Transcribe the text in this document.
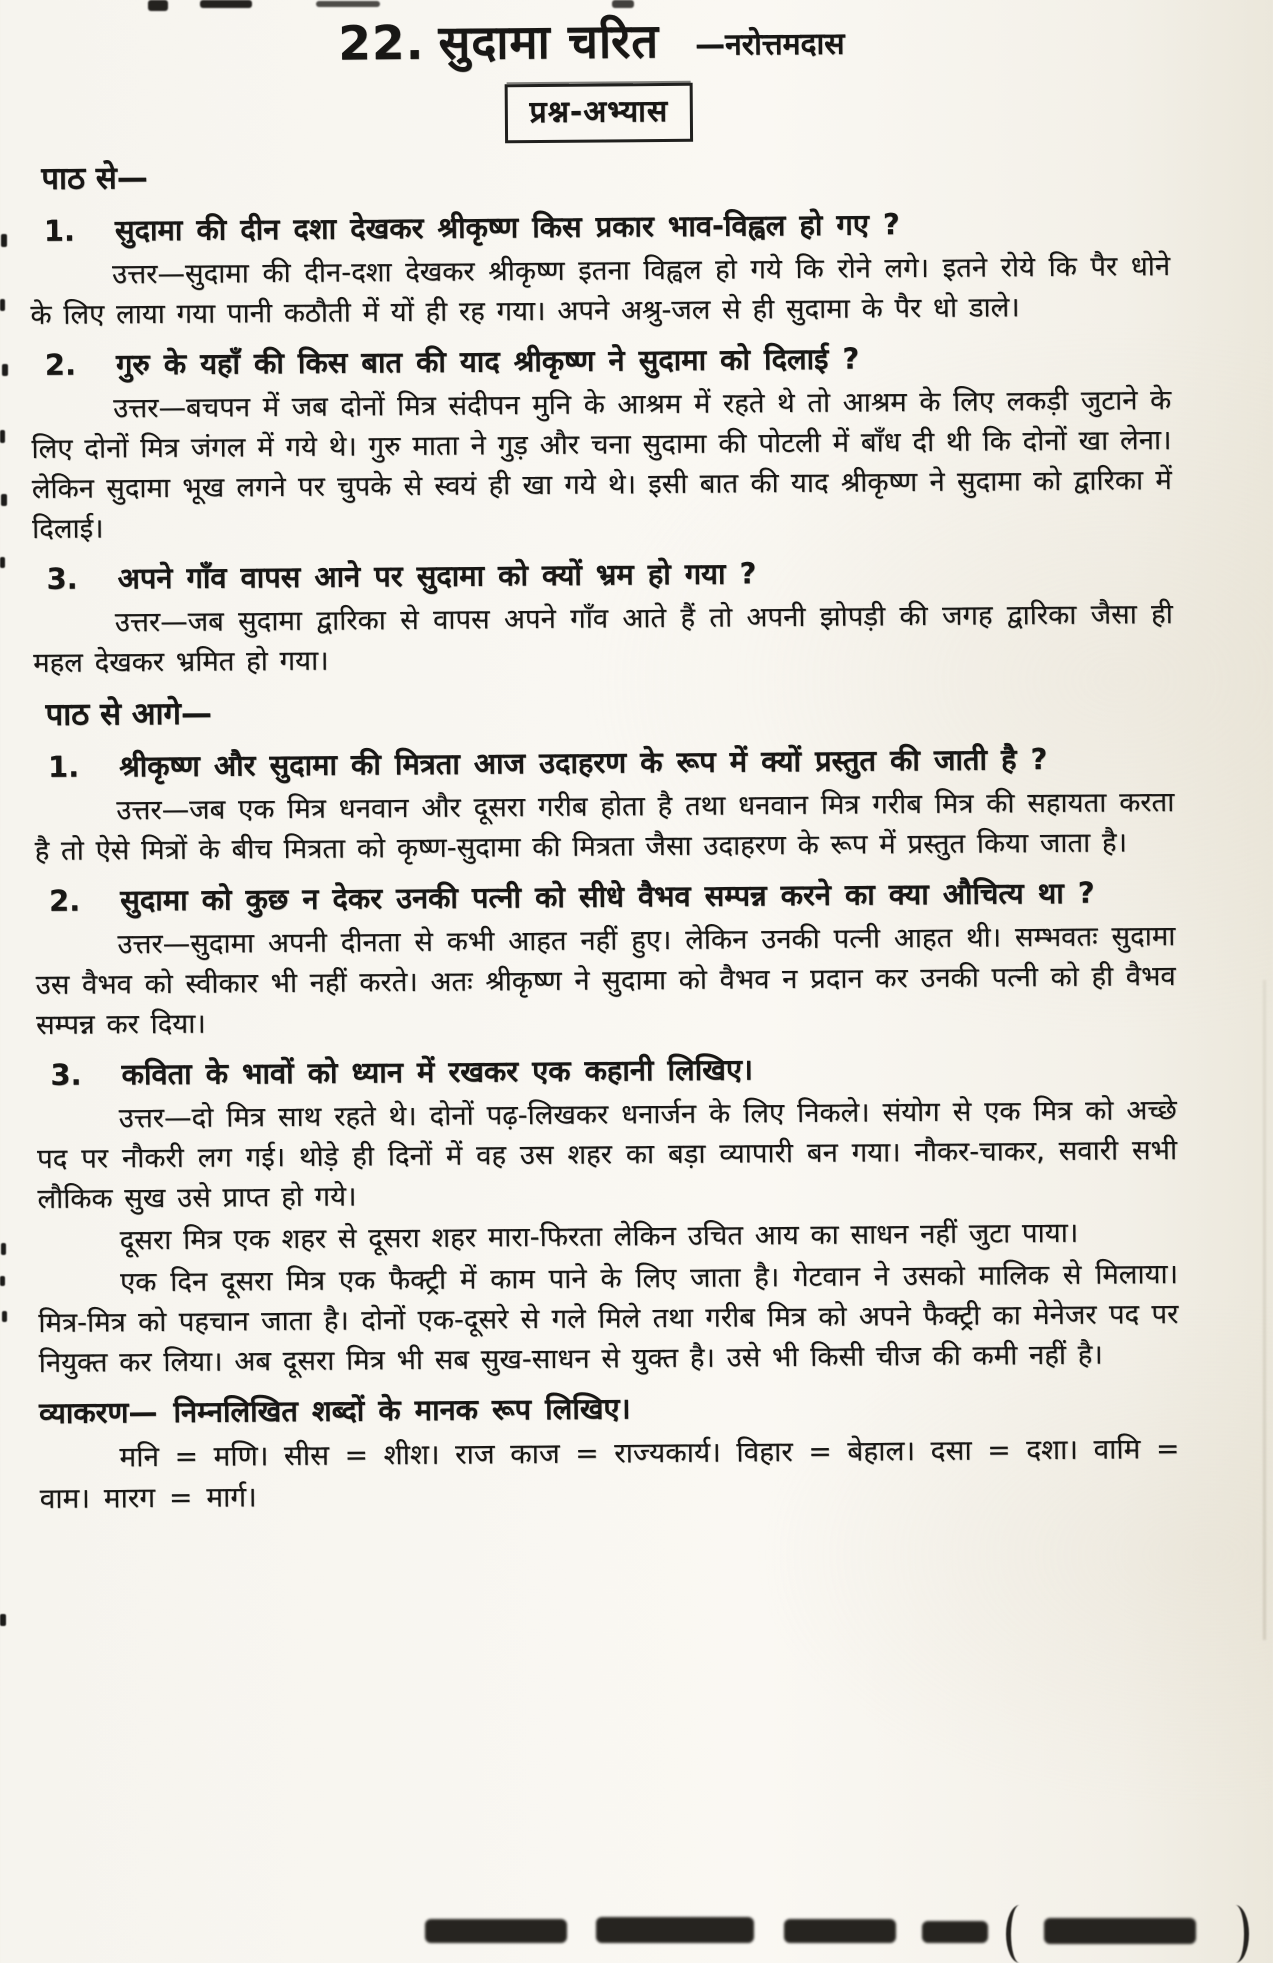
22. सुदामा चरित —नरोत्तमदास
प्रश्न-अभ्यास
पाठ से—

1. सुदामा की दीन दशा देखकर श्रीकृष्ण किस प्रकार भाव-विह्वल हो गए ?

उत्तर—सुदामा की दीन-दशा देखकर श्रीकृष्ण इतना विह्वल हो गये कि रोने लगे। इतने रोये कि पैर धोने के लिए लाया गया पानी कठौती में यों ही रह गया। अपने अश्रु-जल से ही सुदामा के पैर धो डाले।

2. गुरु के यहाँ की किस बात की याद श्रीकृष्ण ने सुदामा को दिलाई ?

उत्तर—बचपन में जब दोनों मित्र संदीपन मुनि के आश्रम में रहते थे तो आश्रम के लिए लकड़ी जुटाने के लिए दोनों मित्र जंगल में गये थे। गुरु माता ने गुड़ और चना सुदामा की पोटली में बाँध दी थी कि दोनों खा लेना। लेकिन सुदामा भूख लगने पर चुपके से स्वयं ही खा गये थे। इसी बात की याद श्रीकृष्ण ने सुदामा को द्वारिका में दिलाई।

3. अपने गाँव वापस आने पर सुदामा को क्यों भ्रम हो गया ?

उत्तर—जब सुदामा द्वारिका से वापस अपने गाँव आते हैं तो अपनी झोपड़ी की जगह द्वारिका जैसा ही महल देखकर भ्रमित हो गया।

पाठ से आगे—

1. श्रीकृष्ण और सुदामा की मित्रता आज उदाहरण के रूप में क्यों प्रस्तुत की जाती है ?

उत्तर—जब एक मित्र धनवान और दूसरा गरीब होता है तथा धनवान मित्र गरीब मित्र की सहायता करता है तो ऐसे मित्रों के बीच मित्रता को कृष्ण-सुदामा की मित्रता जैसा उदाहरण के रूप में प्रस्तुत किया जाता है।

2. सुदामा को कुछ न देकर उनकी पत्नी को सीधे वैभव सम्पन्न करने का क्या औचित्य था ?

उत्तर—सुदामा अपनी दीनता से कभी आहत नहीं हुए। लेकिन उनकी पत्नी आहत थी। सम्भवतः सुदामा उस वैभव को स्वीकार भी नहीं करते। अतः श्रीकृष्ण ने सुदामा को वैभव न प्रदान कर उनकी पत्नी को ही वैभव सम्पन्न कर दिया।

3. कविता के भावों को ध्यान में रखकर एक कहानी लिखिए।

उत्तर—दो मित्र साथ रहते थे। दोनों पढ़-लिखकर धनार्जन के लिए निकले। संयोग से एक मित्र को अच्छे पद पर नौकरी लग गई। थोड़े ही दिनों में वह उस शहर का बड़ा व्यापारी बन गया। नौकर-चाकर, सवारी सभी लौकिक सुख उसे प्राप्त हो गये।

दूसरा मित्र एक शहर से दूसरा शहर मारा-फिरता लेकिन उचित आय का साधन नहीं जुटा पाया।

एक दिन दूसरा मित्र एक फैक्ट्री में काम पाने के लिए जाता है। गेटवान ने उसको मालिक से मिलाया। मित्र-मित्र को पहचान जाता है। दोनों एक-दूसरे से गले मिले तथा गरीब मित्र को अपने फैक्ट्री का मेनेजर पद पर नियुक्त कर लिया। अब दूसरा मित्र भी सब सुख-साधन से युक्त है। उसे भी किसी चीज की कमी नहीं है।

व्याकरण— निम्नलिखित शब्दों के मानक रूप लिखिए।

मनि = मणि। सीस = शीश। राज काज = राज्यकार्य। विहार = बेहाल। दसा = दशा। वामि = वाम। मारग = मार्ग।
